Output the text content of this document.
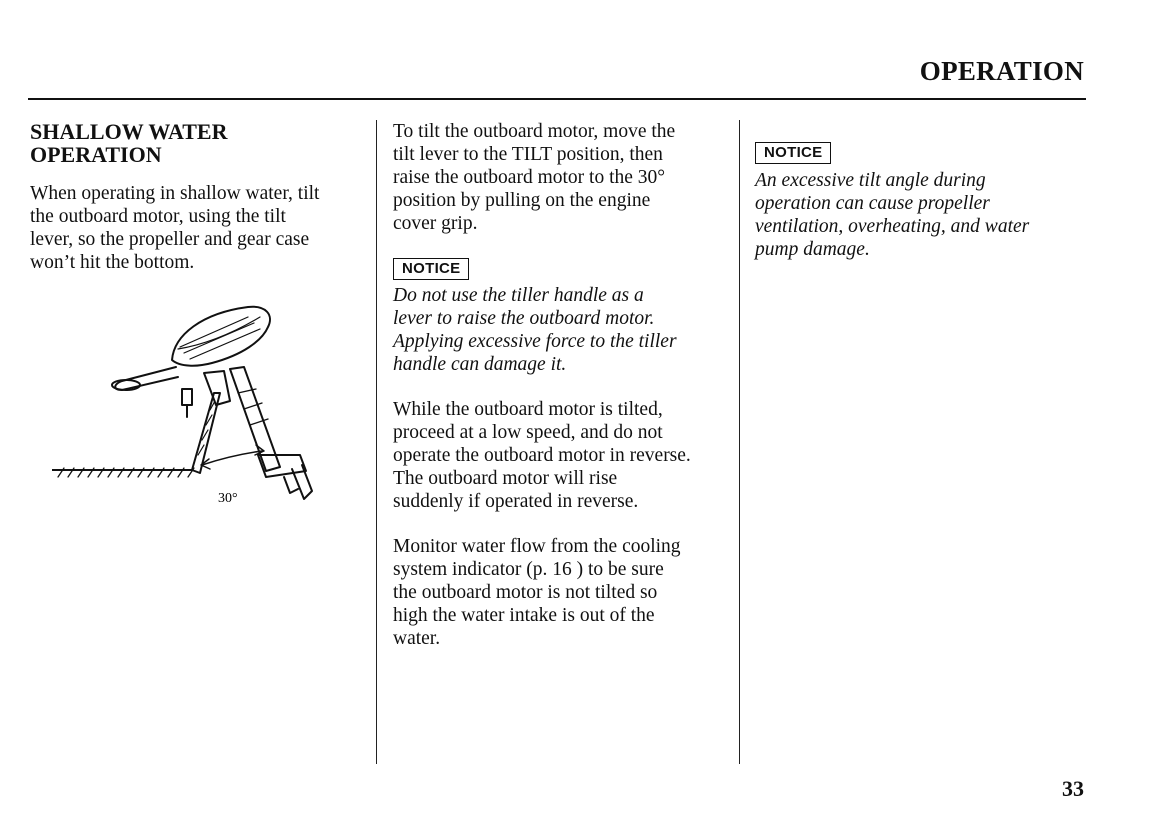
OPERATION
SHALLOW WATER
OPERATION

When operating in shallow water, tilt
the outboard motor, using the tilt
lever, so the propeller and gear case
won’t hit the bottom.

30°

To tilt the outboard motor, move the
tilt lever to the TILT position, then
raise the outboard motor to the 30°
position by pulling on the engine
cover grip.

NOTICE

Do not use the tiller handle as a
lever to raise the outboard motor.
Applying excessive force to the tiller
handle can damage it.

While the outboard motor is tilted,
proceed at a low speed, and do not
operate the outboard motor in reverse.
The outboard motor will rise
suddenly if operated in reverse.

Monitor water flow from the cooling
system indicator (p. 16 ) to be sure
the outboard motor is not tilted so
high the water intake is out of the
water.

NOTICE

An excessive tilt angle during
operation can cause propeller
ventilation, overheating, and water
pump damage.

33
